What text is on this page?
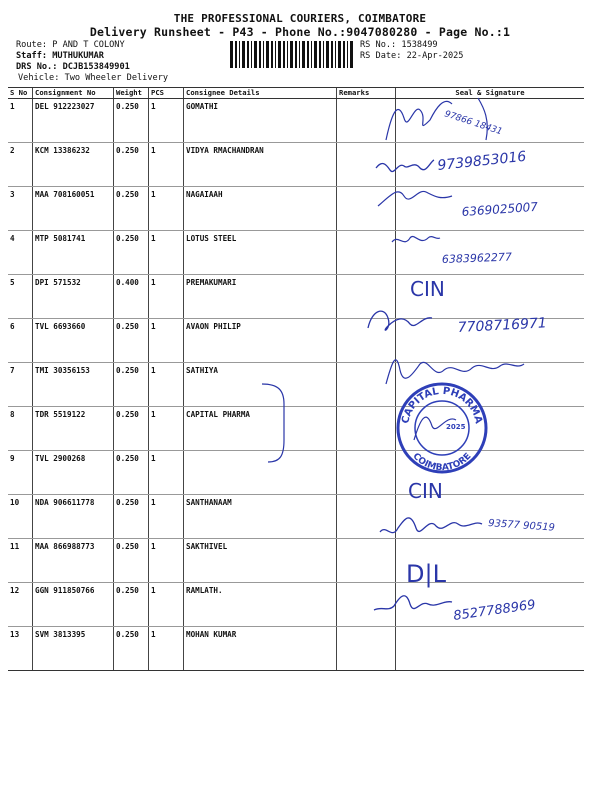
THE PROFESSIONAL COURIERS, COIMBATORE
Delivery Runsheet - P43 - Phone No.:9047080280 - Page No.:1
Route: P AND T COLONY
Staff: MUTHUKUMAR
DRS No.: DCJB153849901
Vehicle: Two Wheeler Delivery
RS No.: 1538499
RS Date: 22-Apr-2025
S No	Consignment No	Weight	PCS	Consignee Details	Remarks	Seal & Signature
1	DEL 912223027	0.250	1	GOMATHI		
2	KCM 13386232	0.250	1	VIDYA RMACHANDRAN		
3	MAA 708160051	0.250	1	NAGAIAAH		
4	MTP 5081741	0.250	1	LOTUS STEEL		
5	DPI 571532	0.400	1	PREMAKUMARI		
6	TVL 6693660	0.250	1	AVAON PHILIP		
7	TMI 30356153	0.250	1	SATHIYA		
8	TDR 5519122	0.250	1	CAPITAL PHARMA		
9	TVL 2900268	0.250	1			
10	NDA 906611778	0.250	1	SANTHANAAM		
11	MAA 866988773	0.250	1	SAKTHIVEL		
12	GGN 911850766	0.250	1	RAMLATH.		
13	SVM 3813395	0.250	1	MOHAN KUMAR		
97866 18431
9739853016
6369025007
6383962277
CIN
7708716971
CAPITAL PHARMA
COIMBATORE
2025
CIN
93577 90519
D|L
8527788969
